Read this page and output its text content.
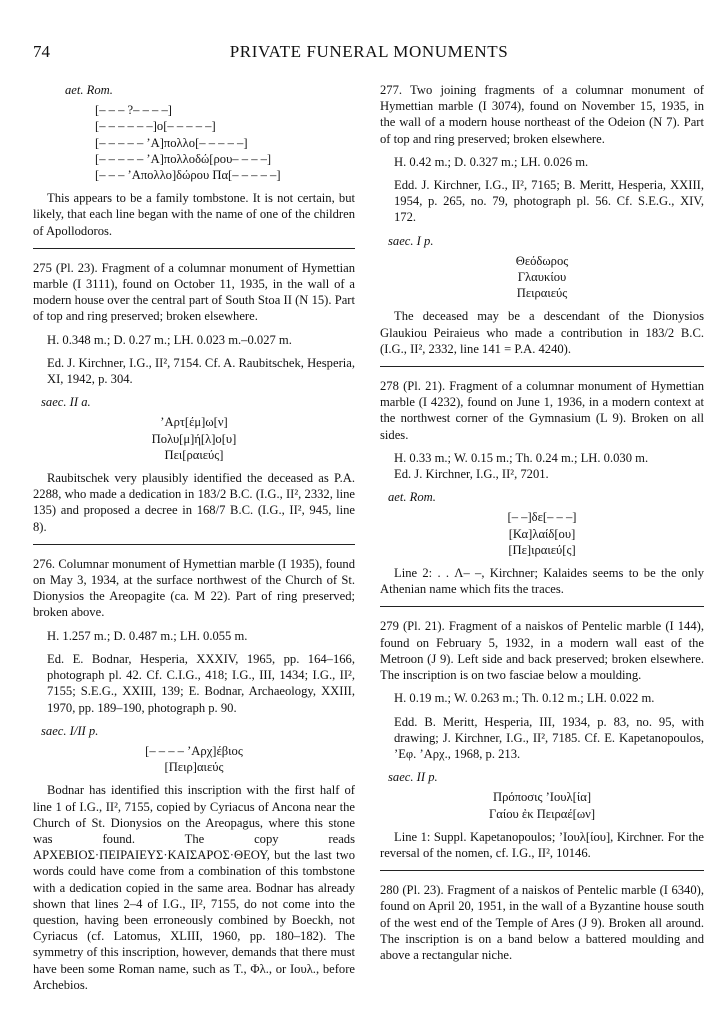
74	PRIVATE FUNERAL MONUMENTS

aet. Rom.

[– – – ?– – – –]

[– – – – – –]ο[– – – – –]

[– – – – – ’Α]πολλο[– – – – –]

[– – – – – ’Α]πολλοδώ[ρου– – – –]

[– – – ’Απολλο]δώρου Πα[– – – – –]

This appears to be a family tombstone. It is not certain, but likely, that each line began with the name of one of the children of Apollodoros.

275 (Pl. 23). Fragment of a columnar monument of Hymettian marble (I 3111), found on October 11, 1935, in the wall of a modern house over the central part of South Stoa II (N 15). Part of top and ring preserved; broken elsewhere.

H. 0.348 m.; D. 0.27 m.; LH. 0.023 m.–0.027 m.

Ed. J. Kirchner, I.G., II², 7154. Cf. A. Raubitschek, Hesperia, XI, 1942, p. 304.

saec. II a.

’Αρτ[έμ]ω[ν]

Πολυ[μ]ή[λ]ο[υ]

Πει[ραιεύς]

Raubitschek very plausibly identified the deceased as P.A. 2288, who made a dedication in 183/2 B.C. (I.G., II², 2332, line 135) and proposed a decree in 168/7 B.C. (I.G., II², 945, line 8).

276. Columnar monument of Hymettian marble (I 1935), found on May 3, 1934, at the surface northwest of the Church of St. Dionysios the Areopagite (ca. M 22). Part of ring preserved; broken above.

H. 1.257 m.; D. 0.487 m.; LH. 0.055 m.

Ed. E. Bodnar, Hesperia, XXXIV, 1965, pp. 164–166, photograph pl. 42. Cf. C.I.G., 418; I.G., III, 1434; I.G., II², 7155; S.E.G., XXIII, 139; E. Bodnar, Archaeology, XXIII, 1970, pp. 189–190, photograph p. 90.

saec. I/II p.

[– – – – ’Αρχ]έβιος

[Πειρ]αιεύς

Bodnar has identified this inscription with the first half of line 1 of I.G., II², 7155, copied by Cyriacus of Ancona near the Church of St. Dionysios on the Areopagus, where this stone was found. The copy reads ΑΡΧΕΒΙΟΣ·ΠΕΙΡΑΙΕΥΣ·ΚΑΙΣΑΡΟΣ·ΘΕΟΥ, but the last two words could have come from a combination of this tombstone with a dedication copied in the same area. Bodnar has already shown that lines 2–4 of I.G., II², 7155, do not come into the question, having been erroneously combined by Boeckh, not Cyriacus (cf. Latomus, XLIII, 1960, pp. 180–182). The symmetry of this inscription, however, demands that there must have been some Roman name, such as Τ., Φλ., or Ιουλ., before Archebios.

277. Two joining fragments of a columnar monument of Hymettian marble (I 3074), found on November 15, 1935, in the wall of a modern house northeast of the Odeion (N 7). Part of top and ring preserved; broken elsewhere.

H. 0.42 m.; D. 0.327 m.; LH. 0.026 m.

Edd. J. Kirchner, I.G., II², 7165; B. Meritt, Hesperia, XXIII, 1954, p. 265, no. 79, photograph pl. 56. Cf. S.E.G., XIV, 172.

saec. I p.

Θεόδωρος

Γλαυκίου

Πειραιεύς

The deceased may be a descendant of the Dionysios Glaukiou Peiraieus who made a contribution in 183/2 B.C. (I.G., II², 2332, line 141 = P.A. 4240).

278 (Pl. 21). Fragment of a columnar monument of Hymettian marble (I 4232), found on June 1, 1936, in a modern context at the northwest corner of the Gymnasium (L 9). Broken on all sides.

H. 0.33 m.; W. 0.15 m.; Th. 0.24 m.; LH. 0.030 m.

Ed. J. Kirchner, I.G., II², 7201.

aet. Rom.

[– –]δε[– – –]

[Κα]λαίδ[ου]

[Πε]ιραιεύ[ς]

Line 2: . . Λ– –, Kirchner; Kalaides seems to be the only Athenian name which fits the traces.

279 (Pl. 21). Fragment of a naiskos of Pentelic marble (I 144), found on February 5, 1932, in a modern wall east of the Metroon (J 9). Left side and back preserved; broken elsewhere. The inscription is on two fasciae below a moulding.

H. 0.19 m.; W. 0.263 m.; Th. 0.12 m.; LH. 0.022 m.

Edd. B. Meritt, Hesperia, III, 1934, p. 83, no. 95, with drawing; J. Kirchner, I.G., II², 7185. Cf. E. Kapetanopoulos, ’Εφ. ’Αρχ., 1968, p. 213.

saec. II p.

Πρόποσις ’Ιουλ[ία]

Γαίου ἐκ Πειραέ[ων]

Line 1: Suppl. Kapetanopoulos; ’Ιουλ[ίου], Kirchner. For the reversal of the nomen, cf. I.G., II², 10146.

280 (Pl. 23). Fragment of a naiskos of Pentelic marble (I 6340), found on April 20, 1951, in the wall of a Byzantine house south of the west end of the Temple of Ares (J 9). Broken all around. The inscription is on a band below a battered moulding and above a rectangular niche.
